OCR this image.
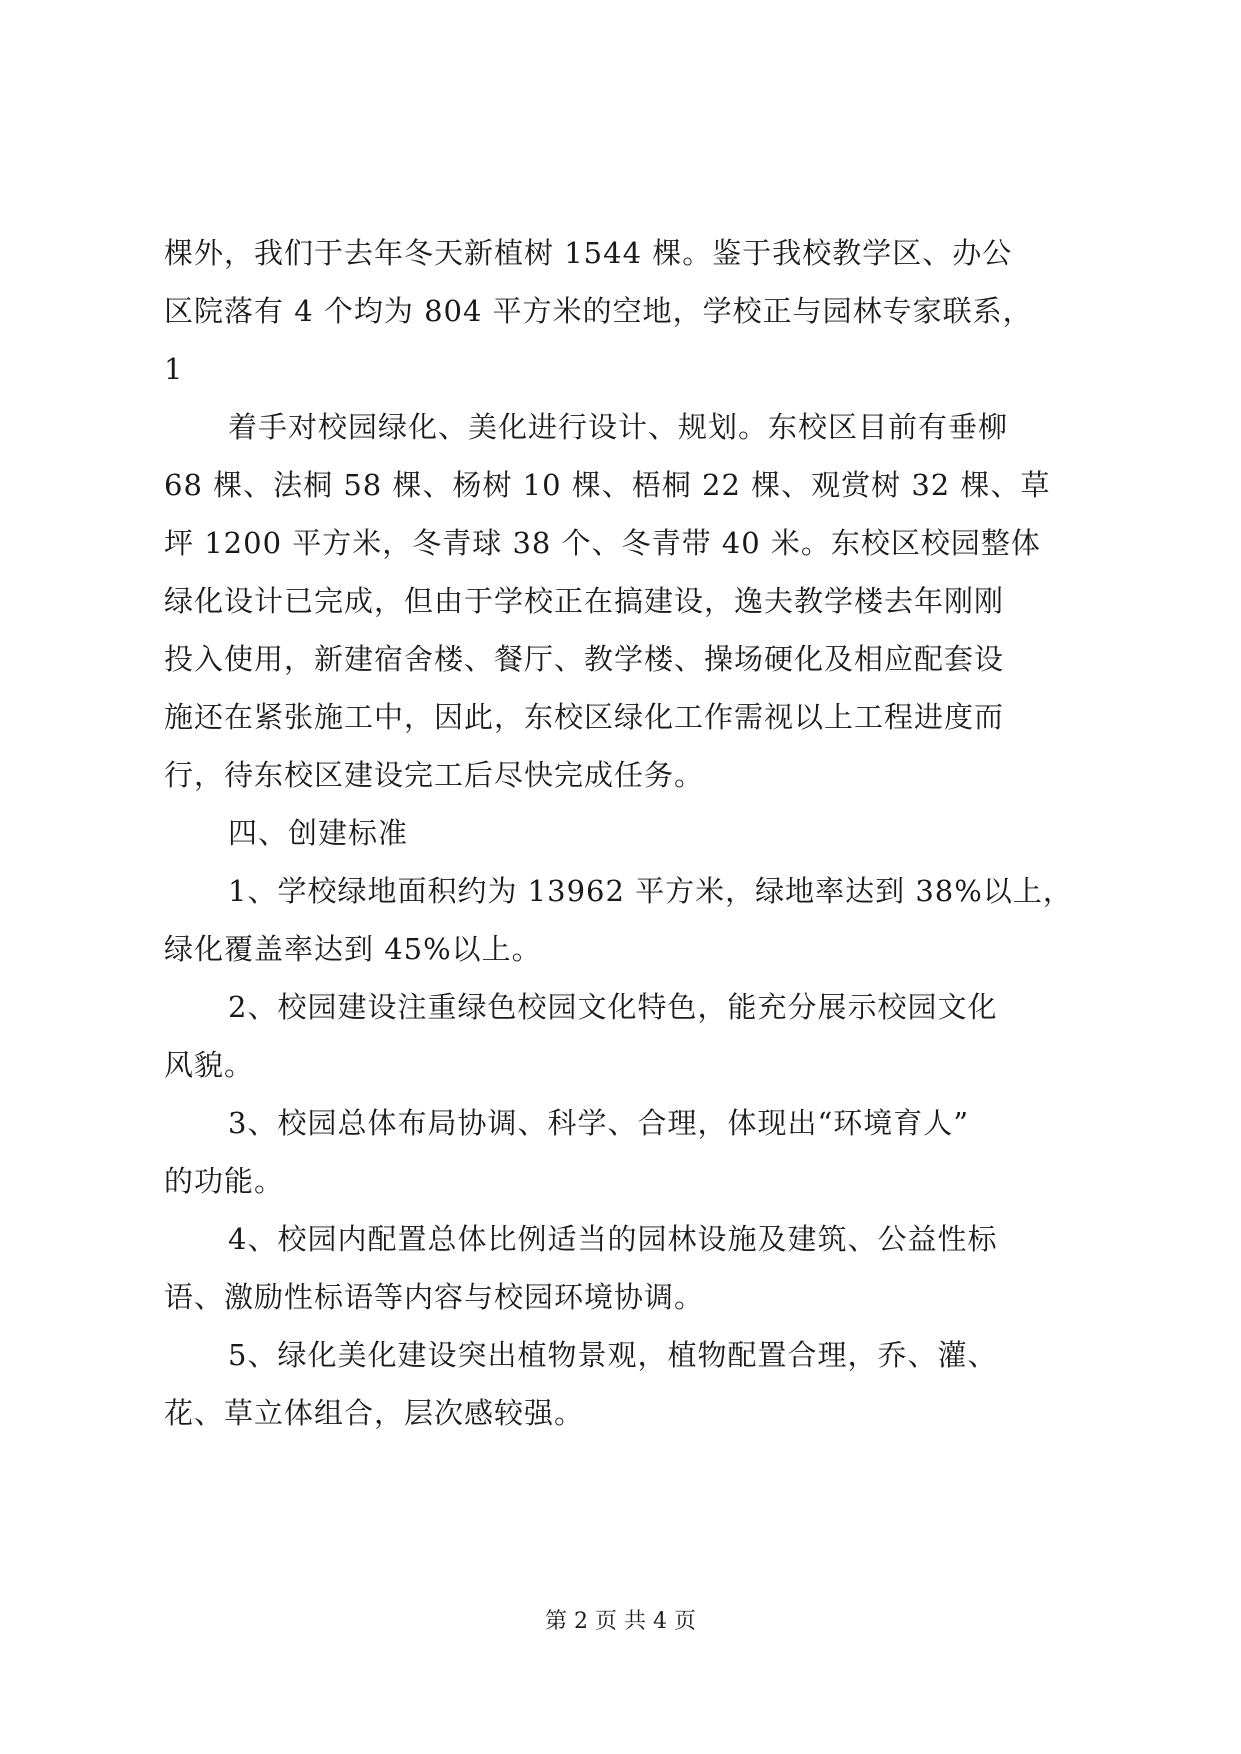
棵外，我们于去年冬天新植树 1544 棵。鉴于我校教学区、办公
区院落有 4 个均为 804 平方米的空地，学校正与园林专家联系，
1
着手对校园绿化、美化进行设计、规划。东校区目前有垂柳
68 棵、法桐 58 棵、杨树 10 棵、梧桐 22 棵、观赏树 32 棵、草
坪 1200 平方米，冬青球 38 个、冬青带 40 米。东校区校园整体
绿化设计已完成，但由于学校正在搞建设，逸夫教学楼去年刚刚
投入使用，新建宿舍楼、餐厅、教学楼、操场硬化及相应配套设
施还在紧张施工中，因此，东校区绿化工作需视以上工程进度而
行，待东校区建设完工后尽快完成任务。
四、创建标准
1、学校绿地面积约为 13962 平方米，绿地率达到 38%以上，
绿化覆盖率达到 45%以上。
2、校园建设注重绿色校园文化特色，能充分展示校园文化
风貌。
3、校园总体布局协调、科学、合理，体现出“环境育人”
的功能。
4、校园内配置总体比例适当的园林设施及建筑、公益性标
语、激励性标语等内容与校园环境协调。
5、绿化美化建设突出植物景观，植物配置合理，乔、灌、
花、草立体组合，层次感较强。
第 2 页 共 4 页
